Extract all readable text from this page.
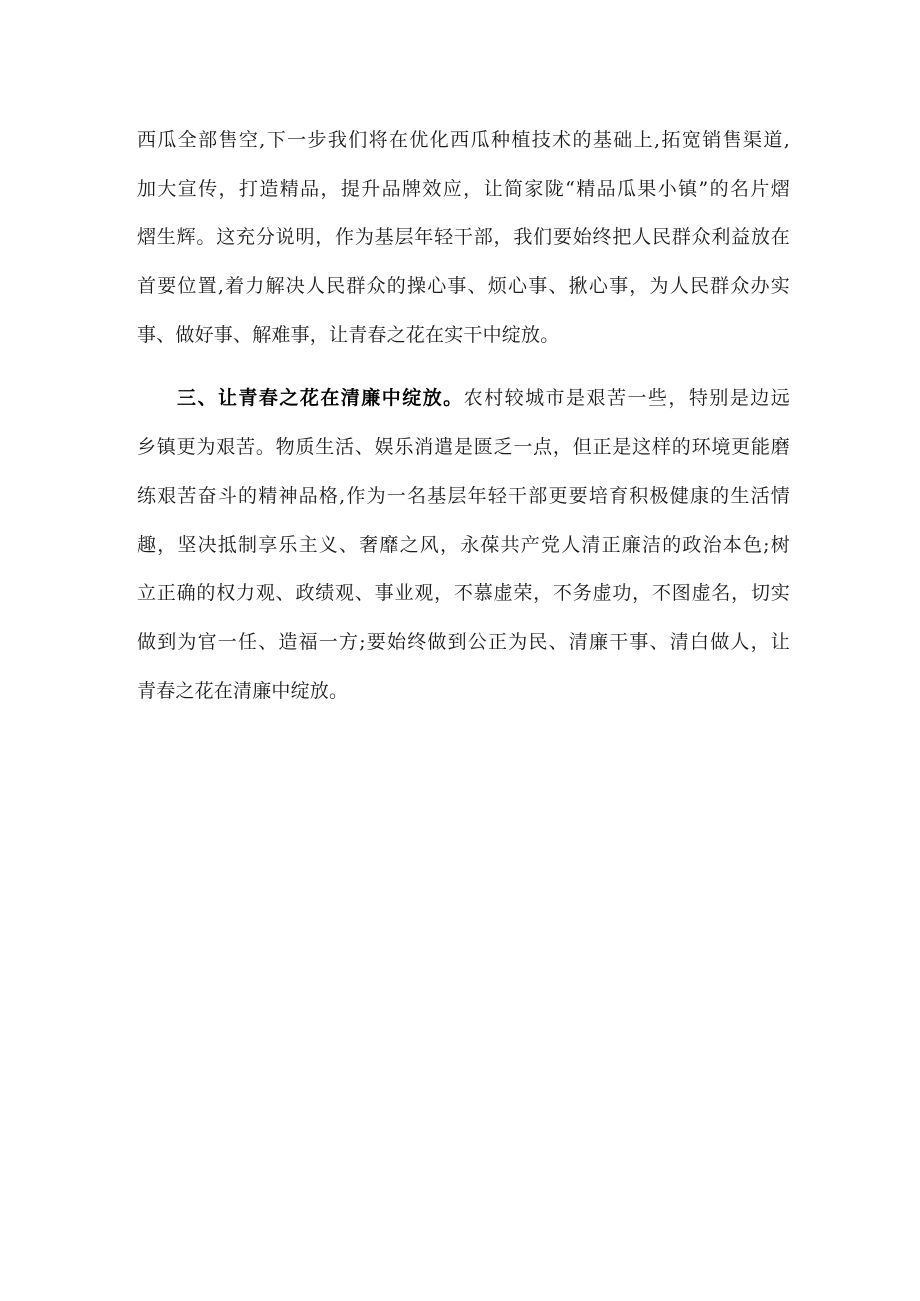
西瓜全部售空,下一步我们将在优化西瓜种植技术的基础上,拓宽销售渠道,
加大宣传，打造精品，提升品牌效应，让简家陇“精品瓜果小镇”的名片熠
熠生辉。这充分说明，作为基层年轻干部，我们要始终把人民群众利益放在
首要位置,着力解决人民群众的操心事、烦心事、揪心事，为人民群众办实
事、做好事、解难事，让青春之花在实干中绽放。
三、让青春之花在清廉中绽放。农村较城市是艰苦一些，特别是边远
乡镇更为艰苦。物质生活、娱乐消遣是匮乏一点，但正是这样的环境更能磨
练艰苦奋斗的精神品格,作为一名基层年轻干部更要培育积极健康的生活情
趣，坚决抵制享乐主义、奢靡之风，永葆共产党人清正廉洁的政治本色;树
立正确的权力观、政绩观、事业观，不慕虚荣，不务虚功，不图虚名，切实
做到为官一任、造福一方;要始终做到公正为民、清廉干事、清白做人，让
青春之花在清廉中绽放。
